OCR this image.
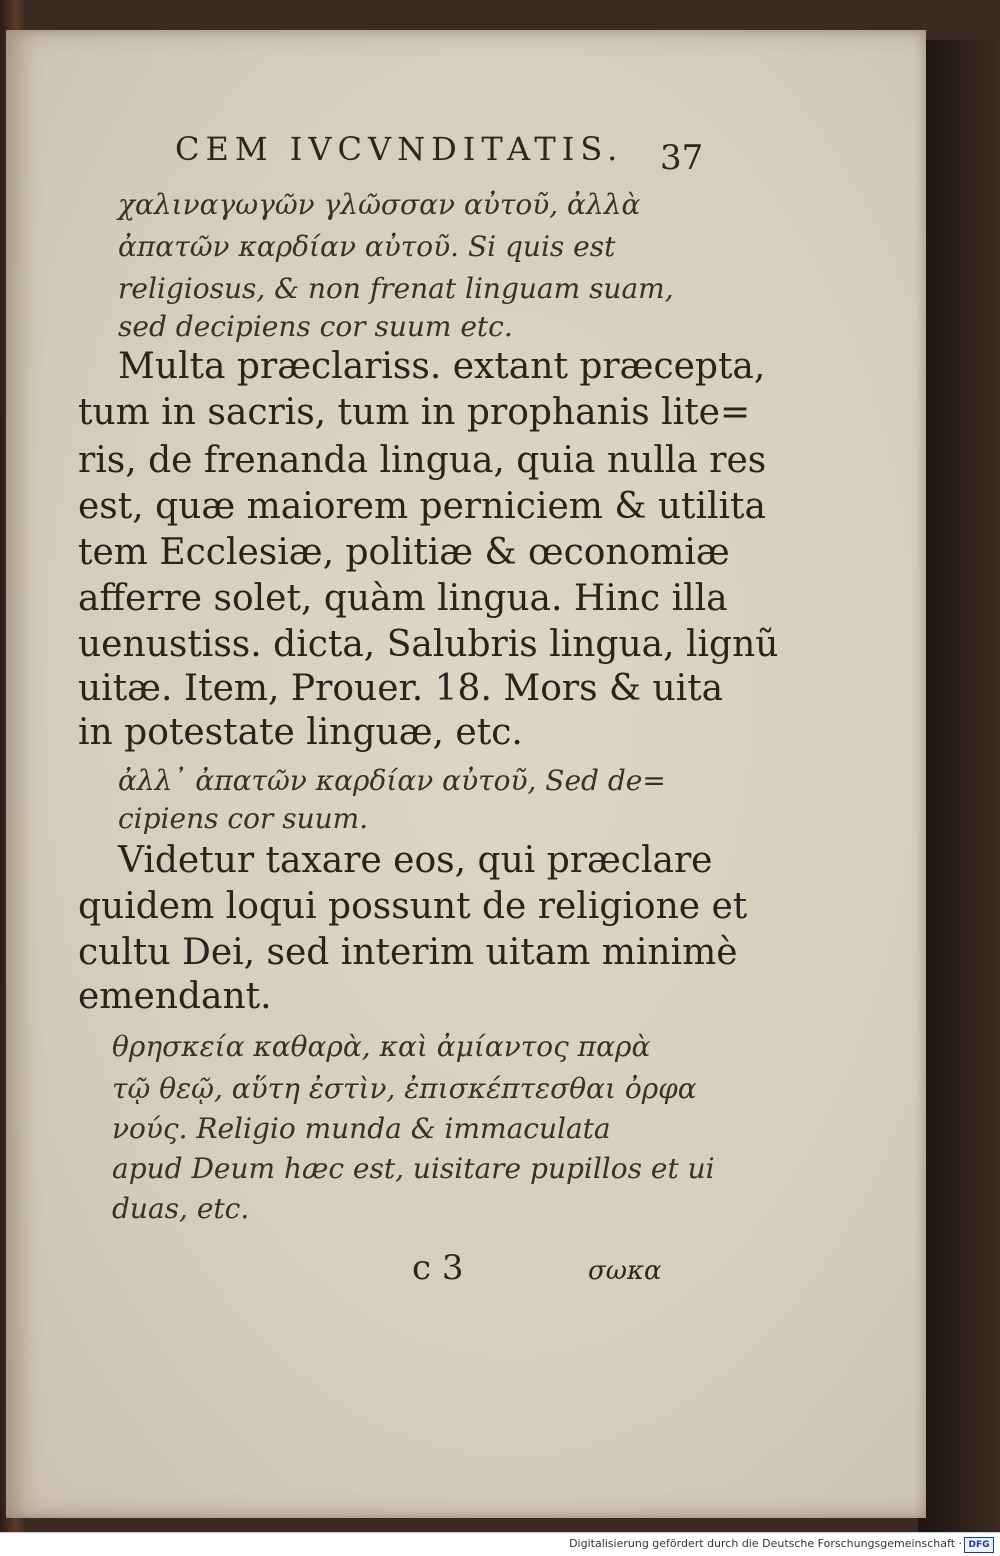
CEM IVCVNDITATIS. 37
χαλιναγωγῶν γλῶσσαν αὐτοῦ, ἀλλὰ
ἀπατῶν καρδίαν αὐτοῦ. Si quis est
religiosus, & non frenat linguam suam,
sed decipiens cor suum etc.
Multa præclariss. extant præcepta,
tum in sacris, tum in prophanis lite=
ris, de frenanda lingua, quia nulla res
est, quæ maiorem perniciem & utilita
tem Ecclesiæ, politiæ & œconomiæ
afferre solet, quàm lingua. Hinc illa
uenustiss. dicta, Salubris lingua, lignũ
uitæ. Item, Prouer. 18. Mors & uita
in potestate linguæ, etc.
ἀλλ᾽ ἀπατῶν καρδίαν αὐτοῦ, Sed de=
cipiens cor suum.
Videtur taxare eos, qui præclare
quidem loqui possunt de religione et
cultu Dei, sed interim uitam minimè
emendant.
θρησκεία καθαρὰ, καὶ ἀμίαντος παρὰ
τῷ θεῷ, αὕτη ἐστὶν, ἐπισκέπτεσθαι ὀρφα
νούς. Religio munda & immaculata
apud Deum hæc est, uisitare pupillos et ui
duas, etc.
c 3	σωκα
Digitalisierung gefördert durch die Deutsche Forschungsgemeinschaft · DFG
